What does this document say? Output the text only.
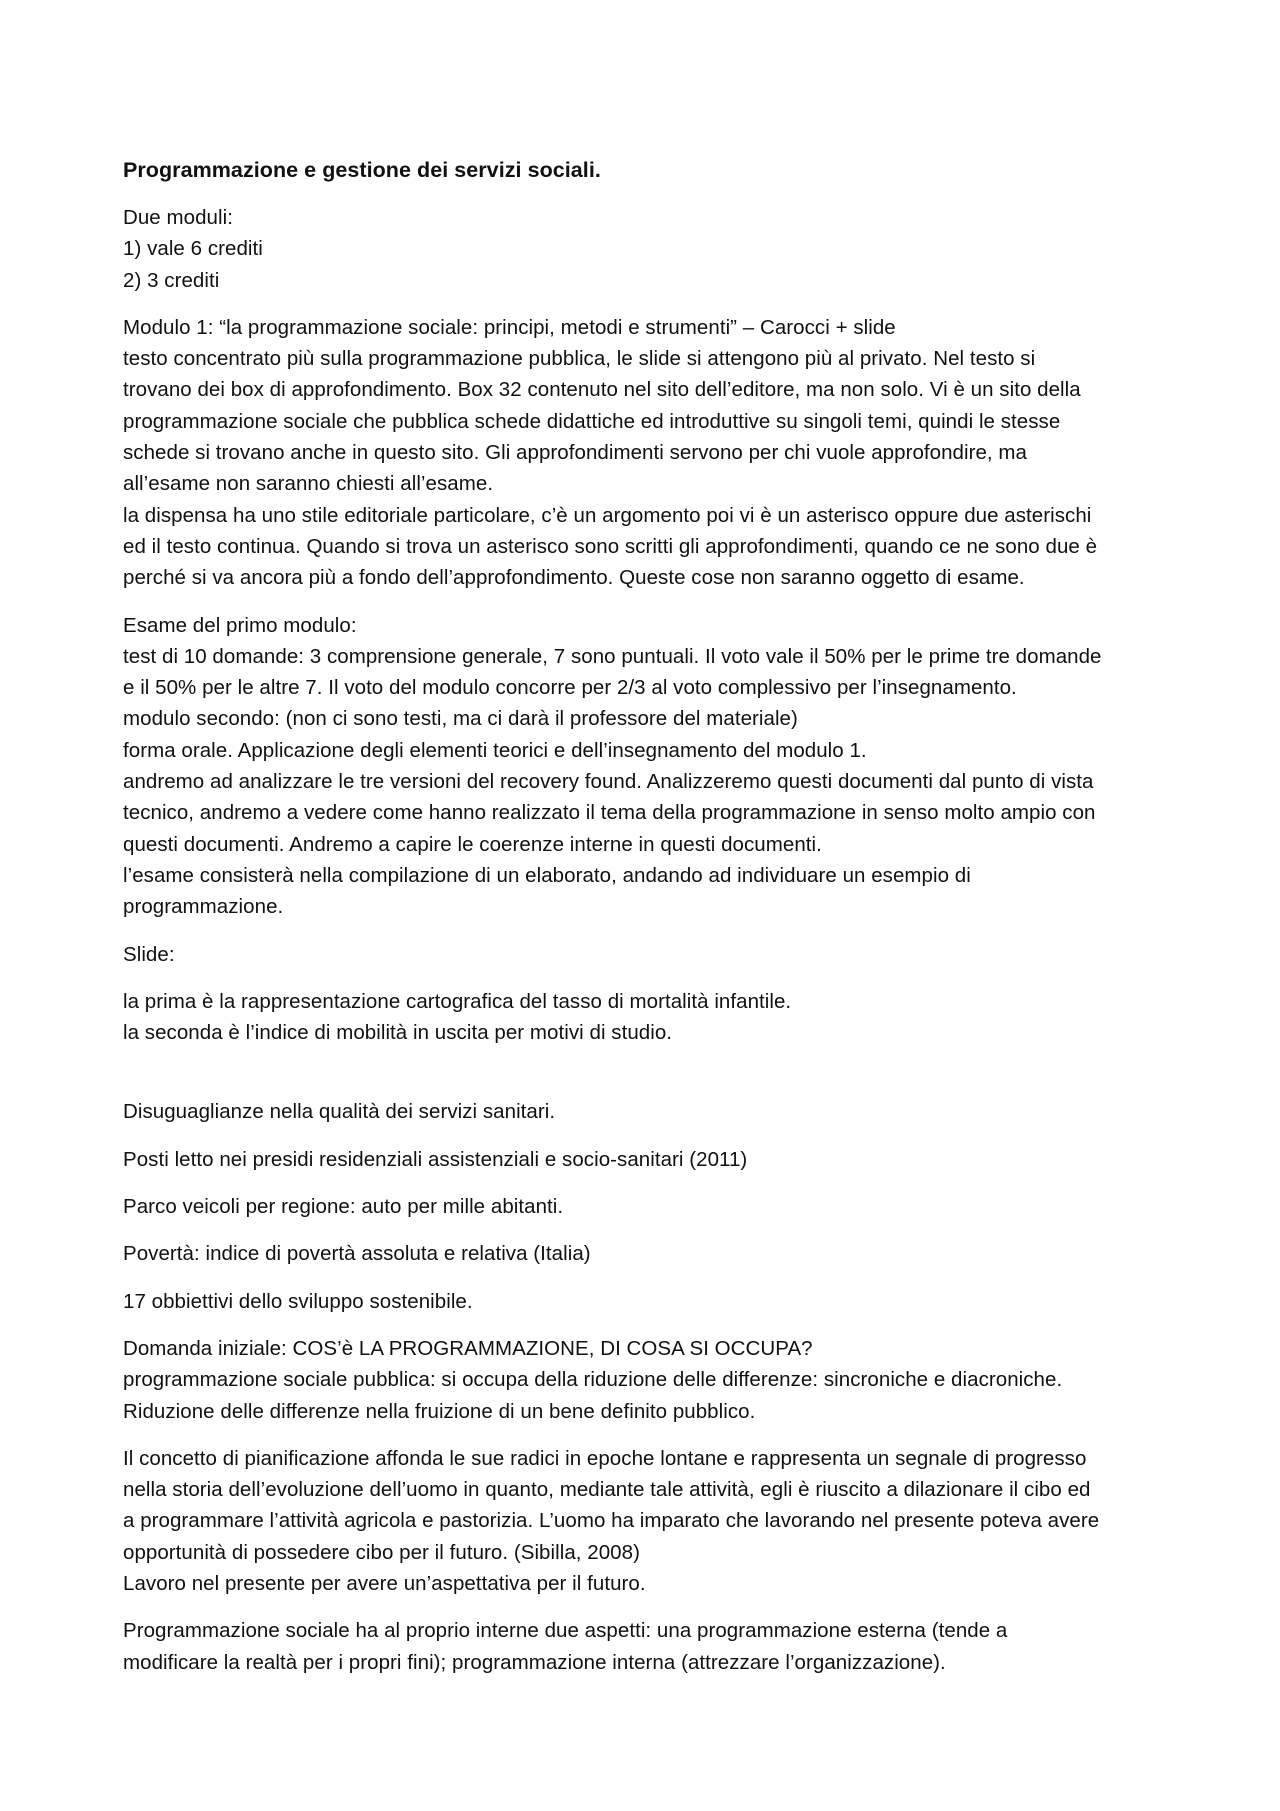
Programmazione e gestione dei servizi sociali.
Due moduli:
1) vale 6 crediti
2) 3 crediti
Modulo 1: “la programmazione sociale: principi, metodi e strumenti” – Carocci + slide
testo concentrato più sulla programmazione pubblica, le slide si attengono più al privato. Nel testo si
trovano dei box di approfondimento. Box 32 contenuto nel sito dell’editore, ma non solo. Vi è un sito della
programmazione sociale che pubblica schede didattiche ed introduttive su singoli temi, quindi le stesse
schede si trovano anche in questo sito. Gli approfondimenti servono per chi vuole approfondire, ma
all’esame non saranno chiesti all’esame.
la dispensa ha uno stile editoriale particolare, c’è un argomento poi vi è un asterisco oppure due asterischi
ed il testo continua. Quando si trova un asterisco sono scritti gli approfondimenti, quando ce ne sono due è
perché si va ancora più a fondo dell’approfondimento. Queste cose non saranno oggetto di esame.
Esame del primo modulo:
test di 10 domande: 3 comprensione generale, 7 sono puntuali. Il voto vale il 50% per le prime tre domande
e il 50% per le altre 7. Il voto del modulo concorre per 2/3 al voto complessivo per l’insegnamento.
modulo secondo: (non ci sono testi, ma ci darà il professore del materiale)
forma orale. Applicazione degli elementi teorici e dell’insegnamento del modulo 1.
andremo ad analizzare le tre versioni del recovery found. Analizzeremo questi documenti dal punto di vista
tecnico, andremo a vedere come hanno realizzato il tema della programmazione in senso molto ampio con
questi documenti. Andremo a capire le coerenze interne in questi documenti.
l’esame consisterà nella compilazione di un elaborato, andando ad individuare un esempio di
programmazione.
Slide:
la prima è la rappresentazione cartografica del tasso di mortalità infantile.
la seconda è l’indice di mobilità in uscita per motivi di studio.
Disuguaglianze nella qualità dei servizi sanitari.
Posti letto nei presidi residenziali assistenziali e socio-sanitari (2011)
Parco veicoli per regione: auto per mille abitanti.
Povertà: indice di povertà assoluta e relativa (Italia)
17 obbiettivi dello sviluppo sostenibile.
Domanda iniziale: COS’è LA PROGRAMMAZIONE, DI COSA SI OCCUPA?
programmazione sociale pubblica: si occupa della riduzione delle differenze: sincroniche e diacroniche.
Riduzione delle differenze nella fruizione di un bene definito pubblico.
Il concetto di pianificazione affonda le sue radici in epoche lontane e rappresenta un segnale di progresso
nella storia dell’evoluzione dell’uomo in quanto, mediante tale attività, egli è riuscito a dilazionare il cibo ed
a programmare l’attività agricola e pastorizia. L’uomo ha imparato che lavorando nel presente poteva avere
opportunità di possedere cibo per il futuro. (Sibilla, 2008)
Lavoro nel presente per avere un’aspettativa per il futuro.
Programmazione sociale ha al proprio interne due aspetti: una programmazione esterna (tende a
modificare la realtà per i propri fini); programmazione interna (attrezzare l’organizzazione).
